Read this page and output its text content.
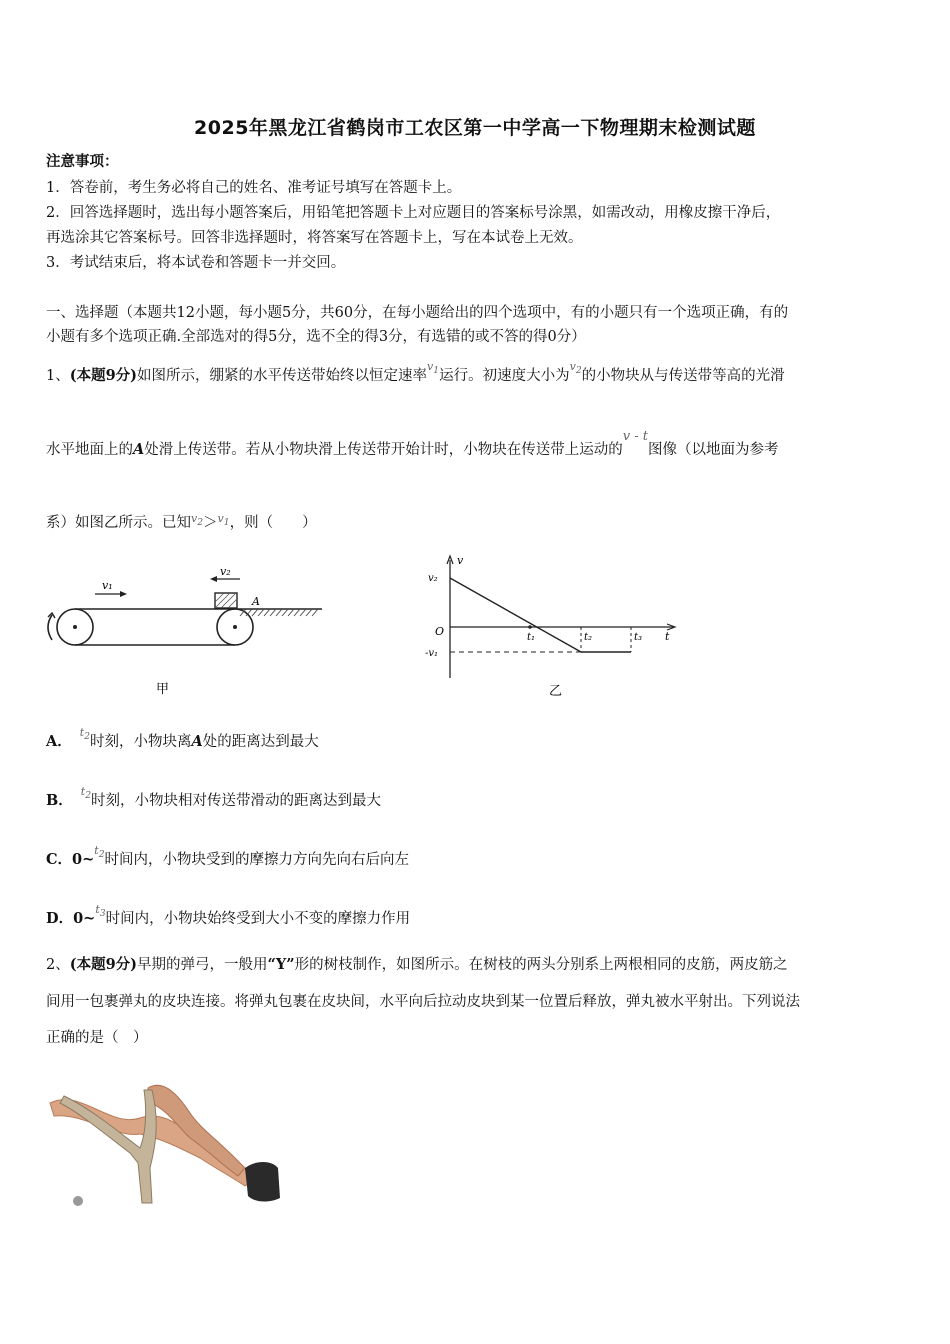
2025年黑龙江省鹤岗市工农区第一中学高一下物理期末检测试题
注意事项：
1．答卷前，考生务必将自己的姓名、准考证号填写在答题卡上。
2．回答选择题时，选出每小题答案后，用铅笔把答题卡上对应题目的答案标号涂黑，如需改动，用橡皮擦干净后，
再选涂其它答案标号。回答非选择题时，将答案写在答题卡上，写在本试卷上无效。
3．考试结束后，将本试卷和答题卡一并交回。
一、选择题（本题共12小题，每小题5分，共60分，在每小题给出的四个选项中，有的小题只有一个选项正确，有的
小题有多个选项正确.全部选对的得5分，选不全的得3分，有选错的或不答的得0分）
1、(本题9分)如图所示，绷紧的水平传送带始终以恒定速率$^{v_1}$运行。初速度大小为$^{v_2}$的小物块从与传送带等高的光滑
水平地面上的A处滑上传送带。若从小物块滑上传送带开始计时，小物块在传送带上运动的v - t图像（以地面为参考
系）如图乙所示。已知$^{v_2}$＞$^{v_1}$，则（　　）
v₁
v₂
A
甲
v
t
O
v₂
-v₁
t₁	t₂	t₃
乙
A．$^{t_2}$时刻，小物块离A处的距离达到最大
B．$^{t_2}$时刻，小物块相对传送带滑动的距离达到最大
C．0~$^{t_2}$时间内，小物块受到的摩擦力方向先向右后向左
D．0~$^{t_3}$时间内，小物块始终受到大小不变的摩擦力作用
2、(本题9分)早期的弹弓，一般用“Y”形的树枝制作，如图所示。在树枝的两头分别系上两根相同的皮筋，两皮筋之
间用一包裹弹丸的皮块连接。将弹丸包裹在皮块间，水平向后拉动皮块到某一位置后释放，弹丸被水平射出。下列说法
正确的是（　）
